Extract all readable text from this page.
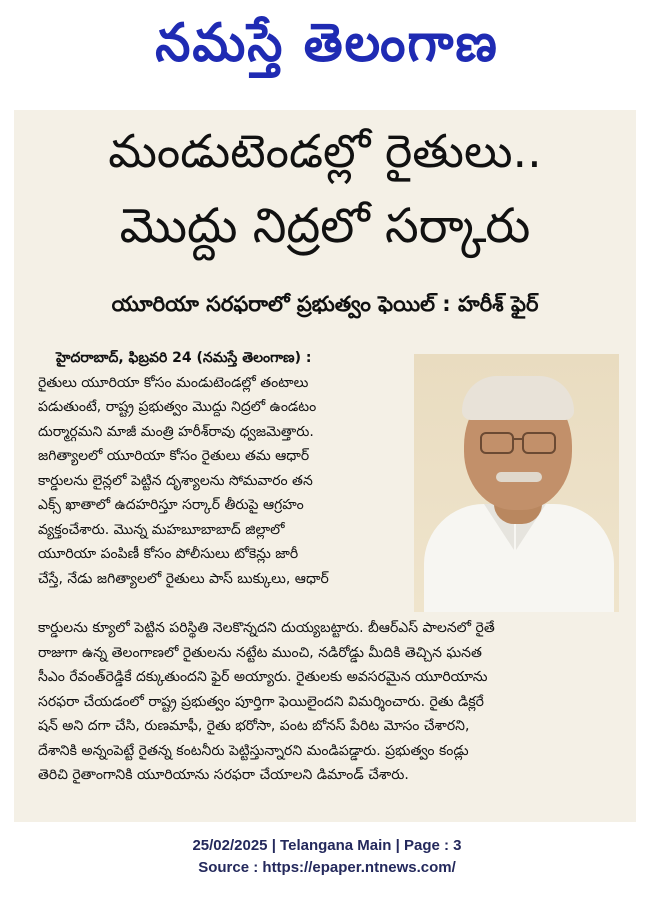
నమస్తే తెలంగాణ
మండుటెండల్లో రైతులు..
మొద్దు నిద్రలో సర్కారు
యూరియా సరఫరాలో ప్రభుత్వం ఫెయిల్ : హరీశ్ ఫైర్
హైదరాబాద్, ఫిబ్రవరి 24 (నమస్తే తెలంగాణ) :
రైతులు యూరియా కోసం మండుటెండల్లో తంటాలు
పడుతుంటే, రాష్ట్ర ప్రభుత్వం మొద్దు నిద్రలో ఉండటం
దుర్మార్గమని మాజీ మంత్రి హరీశ్‌రావు ధ్వజమెత్తారు.
జగిత్యాలలో యూరియా కోసం రైతులు తమ ఆధార్
కార్డులను లైన్లలో పెట్టిన దృశ్యాలను సోమవారం తన
ఎక్స్ ఖాతాలో ఉదహరిస్తూ సర్కార్ తీరుపై ఆగ్రహం
వ్యక్తంచేశారు. మొన్న మహబూబాబాద్ జిల్లాలో
యూరియా పంపిణీ కోసం పోలీసులు టోకెన్లు జారీ
చేస్తే, నేడు జగిత్యాలలో రైతులు పాస్ బుక్కులు, ఆధార్
కార్డులను క్యూలో పెట్టిన పరిస్థితి నెలకొన్నదని దుయ్యబట్టారు. బీఆర్ఎస్ పాలనలో రైతే
రాజుగా ఉన్న తెలంగాణలో రైతులను నట్టేట ముంచి, నడిరోడ్డు మీదికి తెచ్చిన ఘనత
సీఎం రేవంత్‌రెడ్డికే దక్కుతుందని ఫైర్ అయ్యారు. రైతులకు అవసరమైన యూరియాను
సరఫరా చేయడంలో రాష్ట్ర ప్రభుత్వం పూర్తిగా ఫెయిలైందని విమర్శించారు. రైతు డిక్లరే
షన్ అని దగా చేసి, రుణమాఫీ, రైతు భరోసా, పంట బోనస్ పేరిట మోసం చేశారని,
దేశానికి అన్నంపెట్టే రైతన్న కంటనీరు పెట్టిస్తున్నారని మండిపడ్డారు. ప్రభుత్వం కండ్లు
తెరిచి రైతాంగానికి యూరియాను సరఫరా చేయాలని డిమాండ్ చేశారు.
25/02/2025 | Telangana Main | Page : 3
Source : https://epaper.ntnews.com/
